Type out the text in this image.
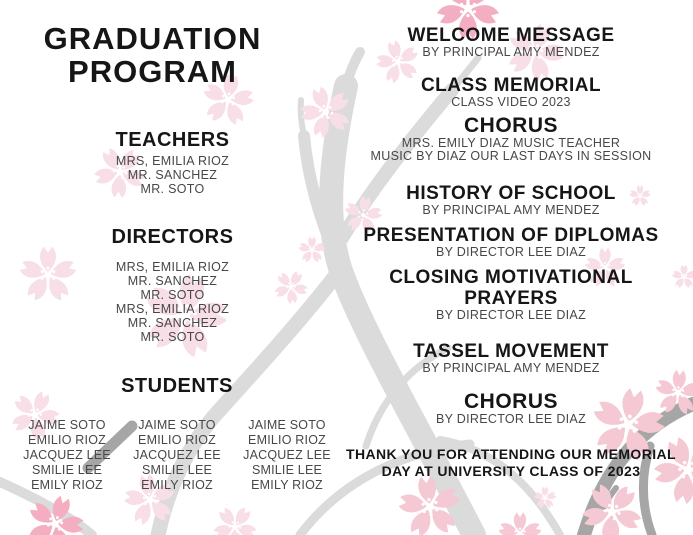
GRADUATION
PROGRAM
TEACHERS
MRS, EMILIA RIOZ
MR. SANCHEZ
MR. SOTO
DIRECTORS
MRS, EMILIA RIOZ
MR. SANCHEZ
MR. SOTO
MRS, EMILIA RIOZ
MR. SANCHEZ
MR. SOTO
STUDENTS
JAIME SOTO
EMILIO RIOZ
JACQUEZ LEE
SMILIE LEE
EMILY RIOZ
JAIME SOTO
EMILIO RIOZ
JACQUEZ LEE
SMILIE LEE
EMILY RIOZ
JAIME SOTO
EMILIO RIOZ
JACQUEZ LEE
SMILIE LEE
EMILY RIOZ
WELCOME MESSAGE
BY PRINCIPAL AMY MENDEZ
CLASS MEMORIAL
CLASS VIDEO 2023
CHORUS
MRS. EMILY DIAZ MUSIC TEACHER
MUSIC BY DIAZ OUR LAST DAYS IN SESSION
HISTORY OF SCHOOL
BY PRINCIPAL AMY MENDEZ
PRESENTATION OF DIPLOMAS
BY DIRECTOR LEE DIAZ
CLOSING MOTIVATIONAL PRAYERS
BY DIRECTOR LEE DIAZ
TASSEL MOVEMENT
BY PRINCIPAL AMY MENDEZ
CHORUS
BY DIRECTOR LEE DIAZ
THANK YOU FOR ATTENDING OUR MEMORIAL DAY AT UNIVERSITY CLASS OF 2023
